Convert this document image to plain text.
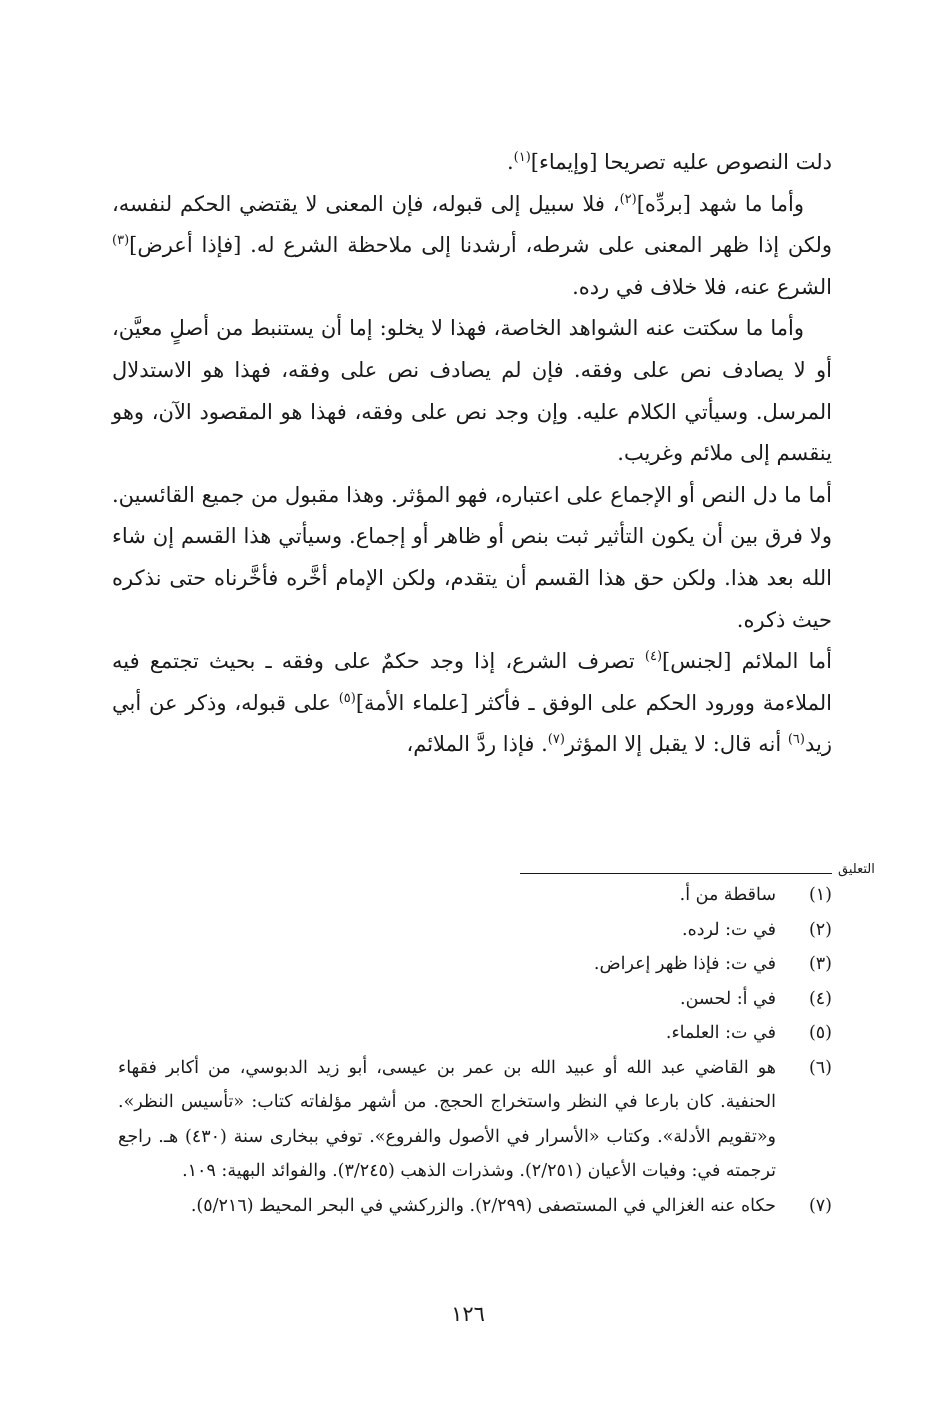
دلت النصوص عليه تصريحا [وإيماء]$^{(١)}$.

وأما ما شهد [بردِّه]$^{(٢)}$، فلا سبيل إلى قبوله، فإن المعنى لا يقتضي الحكم لنفسه، ولكن إذا ظهر المعنى على شرطه، أرشدنا إلى ملاحظة الشرع له. [فإذا أعرض]$^{(٣)}$ الشرع عنه، فلا خلاف في رده.

وأما ما سكتت عنه الشواهد الخاصة، فهذا لا يخلو: إما أن يستنبط من أصلٍ معيَّن، أو لا يصادف نص على وفقه. فإن لم يصادف نص على وفقه، فهذا هو الاستدلال المرسل. وسيأتي الكلام عليه. وإن وجد نص على وفقه، فهذا هو المقصود الآن، وهو ينقسم إلى ملائم وغريب.

أما ما دل النص أو الإجماع على اعتباره، فهو المؤثر. وهذا مقبول من جميع القائسين. ولا فرق بين أن يكون التأثير ثبت بنص أو ظاهر أو إجماع. وسيأتي هذا القسم إن شاء الله بعد هذا. ولكن حق هذا القسم أن يتقدم، ولكن الإمام أخَّره فأخَّرناه حتى نذكره حيث ذكره.

أما الملائم [لجنس]$^{(٤)}$ تصرف الشرع، إذا وجد حكمٌ على وفقه ـ بحيث تجتمع فيه الملاءمة وورود الحكم على الوفق ـ فأكثر [علماء الأمة]$^{(٥)}$ على قبوله، وذكر عن أبي زيد$^{(٦)}$ أنه قال: لا يقبل إلا المؤثر$^{(٧)}$. فإذا ردَّ الملائم،

التعليق
(١)
ساقطة من أ.
(٢)
في ت: لرده.
(٣)
في ت: فإذا ظهر إعراض.
(٤)
في أ: لحسن.
(٥)
في ت: العلماء.
(٦)
هو القاضي عبد الله أو عبيد الله بن عمر بن عيسى، أبو زيد الدبوسي، من أكابر فقهاء الحنفية. كان بارعا في النظر واستخراج الحجج. من أشهر مؤلفاته كتاب: «تأسيس النظر». و«تقويم الأدلة». وكتاب «الأسرار في الأصول والفروع». توفي ببخارى سنة (٤٣٠) هـ. راجع ترجمته في: وفيات الأعيان (٢/٢٥١). وشذرات الذهب (٣/٢٤٥). والفوائد البهية: ١٠٩.
(٧)
حكاه عنه الغزالي في المستصفى (٢/٢٩٩). والزركشي في البحر المحيط (٥/٢١٦).
١٢٦
